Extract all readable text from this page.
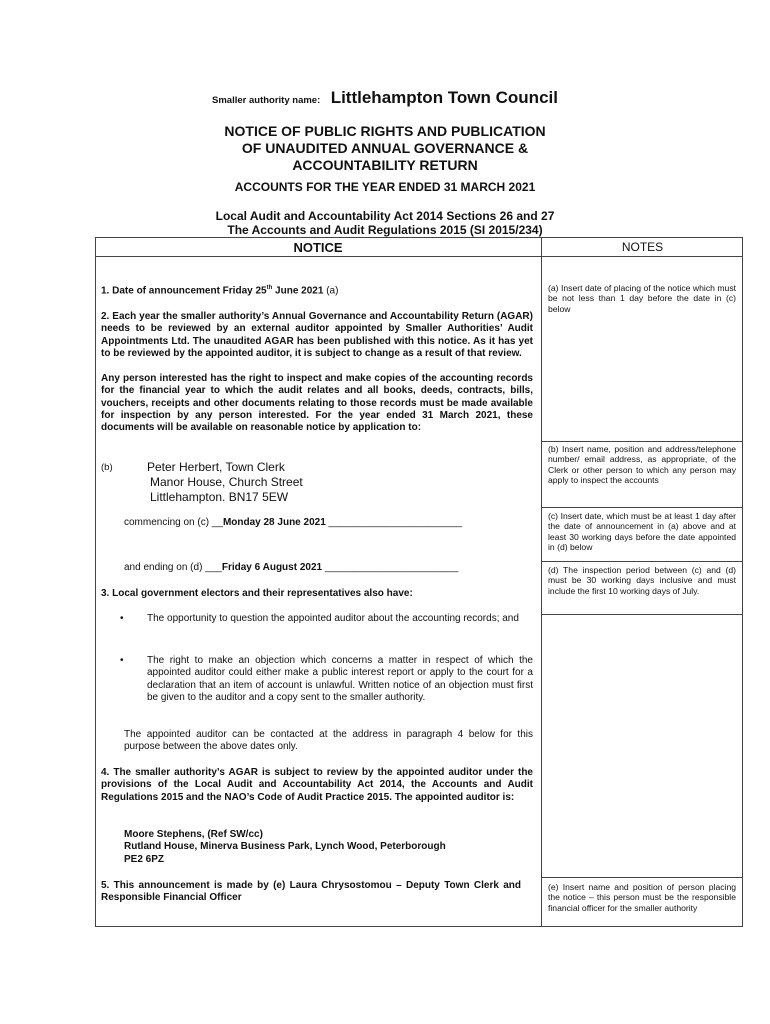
Smaller authority name: Littlehampton Town Council
NOTICE OF PUBLIC RIGHTS AND PUBLICATION
OF UNAUDITED ANNUAL GOVERNANCE &
ACCOUNTABILITY RETURN
ACCOUNTS FOR THE YEAR ENDED 31 MARCH 2021
Local Audit and Accountability Act 2014 Sections 26 and 27
The Accounts and Audit Regulations 2015 (SI 2015/234)
NOTICE	NOTES
1. Date of announcement Friday 25th June 2021 (a)
2. Each year the smaller authority’s Annual Governance and Accountability Return (AGAR) needs to be reviewed by an external auditor appointed by Smaller Authorities’ Audit Appointments Ltd. The unaudited AGAR has been published with this notice. As it has yet to be reviewed by the appointed auditor, it is subject to change as a result of that review.
Any person interested has the right to inspect and make copies of the accounting records for the financial year to which the audit relates and all books, deeds, contracts, bills, vouchers, receipts and other documents relating to those records must be made available for inspection by any person interested. For the year ended 31 March 2021, these documents will be available on reasonable notice by application to:
(b)	Peter Herbert, Town Clerk
Manor House, Church Street
Littlehampton. BN17 5EW
commencing on (c) __Monday 28 June 2021 ________________________
and ending on (d) ___Friday 6 August 2021 ________________________
3. Local government electors and their representatives also have:
• The opportunity to question the appointed auditor about the accounting records; and
• The right to make an objection which concerns a matter in respect of which the appointed auditor could either make a public interest report or apply to the court for a declaration that an item of account is unlawful. Written notice of an objection must first be given to the auditor and a copy sent to the smaller authority.
The appointed auditor can be contacted at the address in paragraph 4 below for this purpose between the above dates only.
4. The smaller authority’s AGAR is subject to review by the appointed auditor under the provisions of the Local Audit and Accountability Act 2014, the Accounts and Audit Regulations 2015 and the NAO’s Code of Audit Practice 2015. The appointed auditor is:
Moore Stephens, (Ref SW/cc)
Rutland House, Minerva Business Park, Lynch Wood, Peterborough
PE2 6PZ
5. This announcement is made by (e) Laura Chrysostomou – Deputy Town Clerk and Responsible Financial Officer
(a) Insert date of placing of the notice which must be not less than 1 day before the date in (c) below
(b) Insert name, position and address/telephone number/ email address, as appropriate, of the Clerk or other person to which any person may apply to inspect the accounts
(c) Insert date, which must be at least 1 day after the date of announcement in (a) above and at least 30 working days before the date appointed in (d) below
(d) The inspection period between (c) and (d) must be 30 working days inclusive and must include the first 10 working days of July.
(e) Insert name and position of person placing the notice – this person must be the responsible financial officer for the smaller authority
